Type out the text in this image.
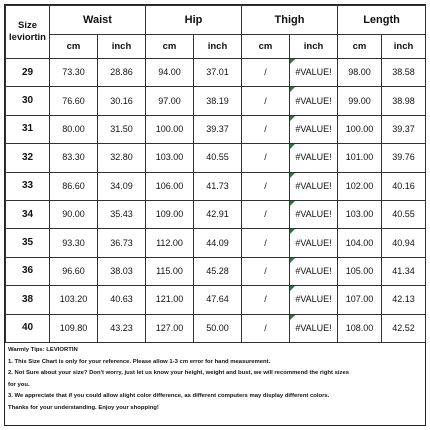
Size
leviortin	Waist		Hip		Thigh		Length	
	cm	inch	cm	inch	cm	inch	cm	inch
29	73.30	28.86	94.00	37.01	/	#VALUE!	98.00	38.58
30	76.60	30.16	97.00	38.19	/	#VALUE!	99.00	38.98
31	80.00	31.50	100.00	39.37	/	#VALUE!	100.00	39.37
32	83.30	32.80	103.00	40.55	/	#VALUE!	101.00	39.76
33	86.60	34.09	106.00	41.73	/	#VALUE!	102.00	40.16
34	90.00	35.43	109.00	42.91	/	#VALUE!	103.00	40.55
35	93.30	36.73	112.00	44.09	/	#VALUE!	104.00	40.94
36	96.60	38.03	115.00	45.28	/	#VALUE!	105.00	41.34
38	103.20	40.63	121.00	47.64	/	#VALUE!	107.00	42.13
40	109.80	43.23	127.00	50.00	/	#VALUE!	108.00	42.52
Warmly Tips: LEVIORTIN
1. This Size Chart is only for your reference. Please allow 1-3 cm error for hand measurement.
2. Not Sure about your size? Don't worry, just let us know your height, weight and bust, we will recommend the right sizes
for you.
3. We appreciate that if you could allow slight color difference, as different computers may display different colors.
Thanks for your understanding. Enjoy your shopping!
